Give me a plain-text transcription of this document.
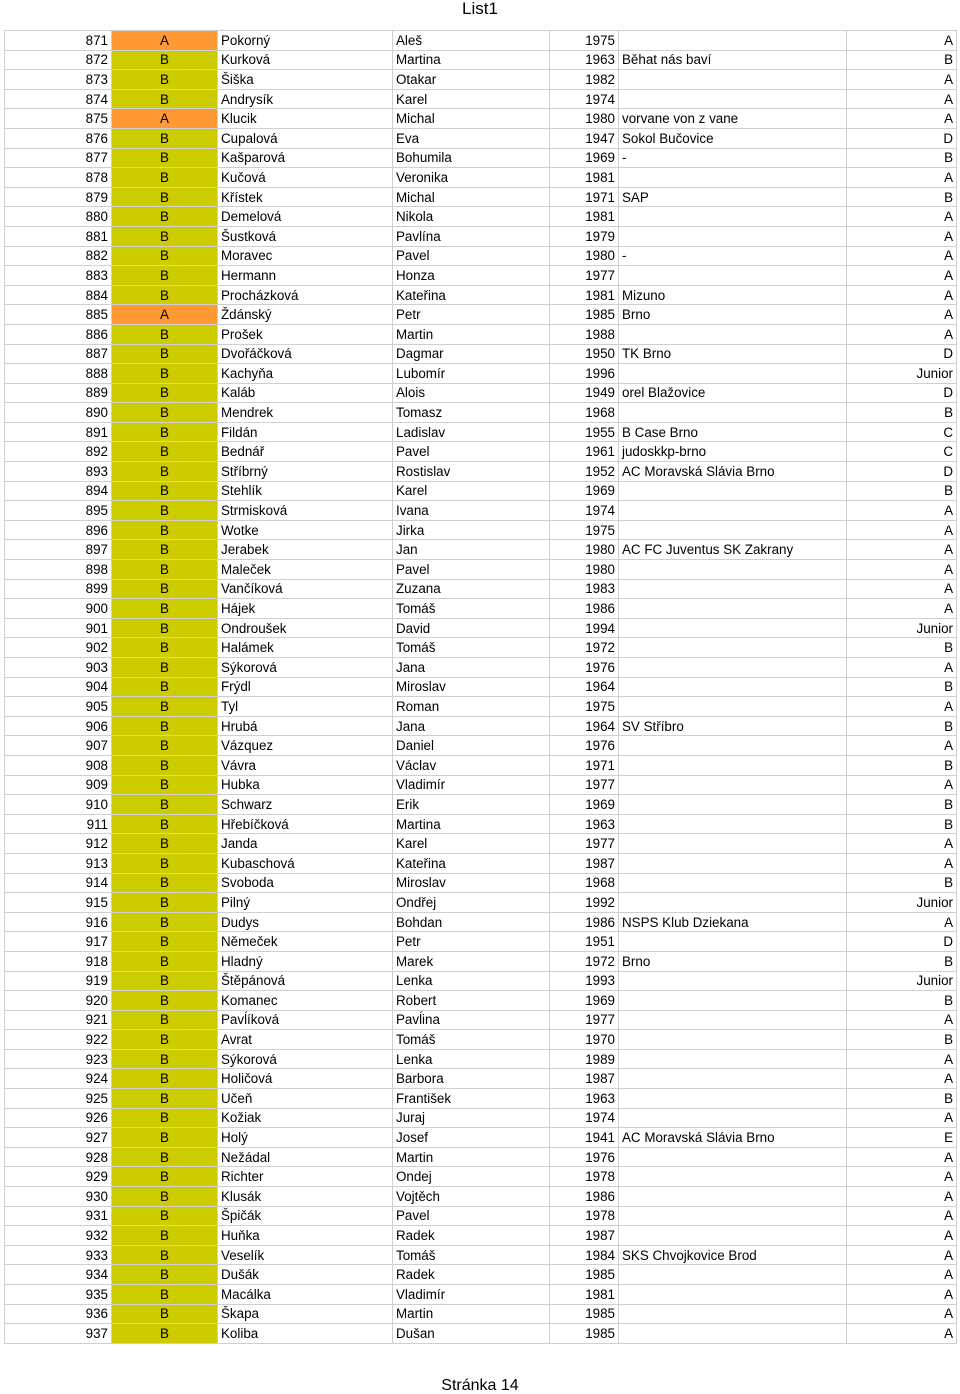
List1
871	A	Pokorný	Aleš	1975		A
872	B	Kurková	Martina	1963	Běhat nás baví	B
873	B	Šiška	Otakar	1982		A
874	B	Andrysík	Karel	1974		A
875	A	Klucik	Michal	1980	vorvane von z vane	A
876	B	Cupalová	Eva	1947	Sokol Bučovice	D
877	B	Kašparová	Bohumila	1969	-	B
878	B	Kučová	Veronika	1981		A
879	B	Křístek	Michal	1971	SAP	B
880	B	Demelová	Nikola	1981		A
881	B	Šustková	Pavlína	1979		A
882	B	Moravec	Pavel	1980	-	A
883	B	Hermann	Honza	1977		A
884	B	Procházková	Kateřina	1981	Mizuno	A
885	A	Ždánský	Petr	1985	Brno	A
886	B	Prošek	Martin	1988		A
887	B	Dvořáčková	Dagmar	1950	TK Brno	D
888	B	Kachyňa	Lubomír	1996		Junior
889	B	Kaláb	Alois	1949	orel Blažovice	D
890	B	Mendrek	Tomasz	1968		B
891	B	Fildán	Ladislav	1955	B Case Brno	C
892	B	Bednář	Pavel	1961	judoskkp-brno	C
893	B	Stříbrný	Rostislav	1952	AC Moravská Slávia Brno	D
894	B	Stehlík	Karel	1969		B
895	B	Strmisková	Ivana	1974		A
896	B	Wotke	Jirka	1975		A
897	B	Jerabek	Jan	1980	AC FC Juventus SK Zakrany	A
898	B	Maleček	Pavel	1980		A
899	B	Vančíková	Zuzana	1983		A
900	B	Hájek	Tomáš	1986		A
901	B	Ondroušek	David	1994		Junior
902	B	Halámek	Tomáš	1972		B
903	B	Sýkorová	Jana	1976		A
904	B	Frýdl	Miroslav	1964		B
905	B	Tyl	Roman	1975		A
906	B	Hrubá	Jana	1964	SV Stříbro	B
907	B	Vázquez	Daniel	1976		A
908	B	Vávra	Václav	1971		B
909	B	Hubka	Vladimír	1977		A
910	B	Schwarz	Erik	1969		B
911	B	Hřebíčková	Martina	1963		B
912	B	Janda	Karel	1977		A
913	B	Kubaschová	Kateřina	1987		A
914	B	Svoboda	Miroslav	1968		B
915	B	Pilný	Ondřej	1992		Junior
916	B	Dudys	Bohdan	1986	NSPS Klub Dziekana	A
917	B	Němeček	Petr	1951		D
918	B	Hladný	Marek	1972	Brno	B
919	B	Štěpánová	Lenka	1993		Junior
920	B	Komanec	Robert	1969		B
921	B	Pavĺíková	Pavĺina	1977		A
922	B	Avrat	Tomáš	1970		B
923	B	Sýkorová	Lenka	1989		A
924	B	Holičová	Barbora	1987		A
925	B	Učeň	František	1963		B
926	B	Kožiak	Juraj	1974		A
927	B	Holý	Josef	1941	AC Moravská Slávia Brno	E
928	B	Nežádal	Martin	1976		A
929	B	Richter	Ondej	1978		A
930	B	Klusák	Vojtěch	1986		A
931	B	Špičák	Pavel	1978		A
932	B	Huňka	Radek	1987		A
933	B	Veselík	Tomáš	1984	SKS Chvojkovice Brod	A
934	B	Dušák	Radek	1985		A
935	B	Macálka	Vladimír	1981		A
936	B	Škapa	Martin	1985		A
937	B	Koliba	Dušan	1985		A
Stránka 14
